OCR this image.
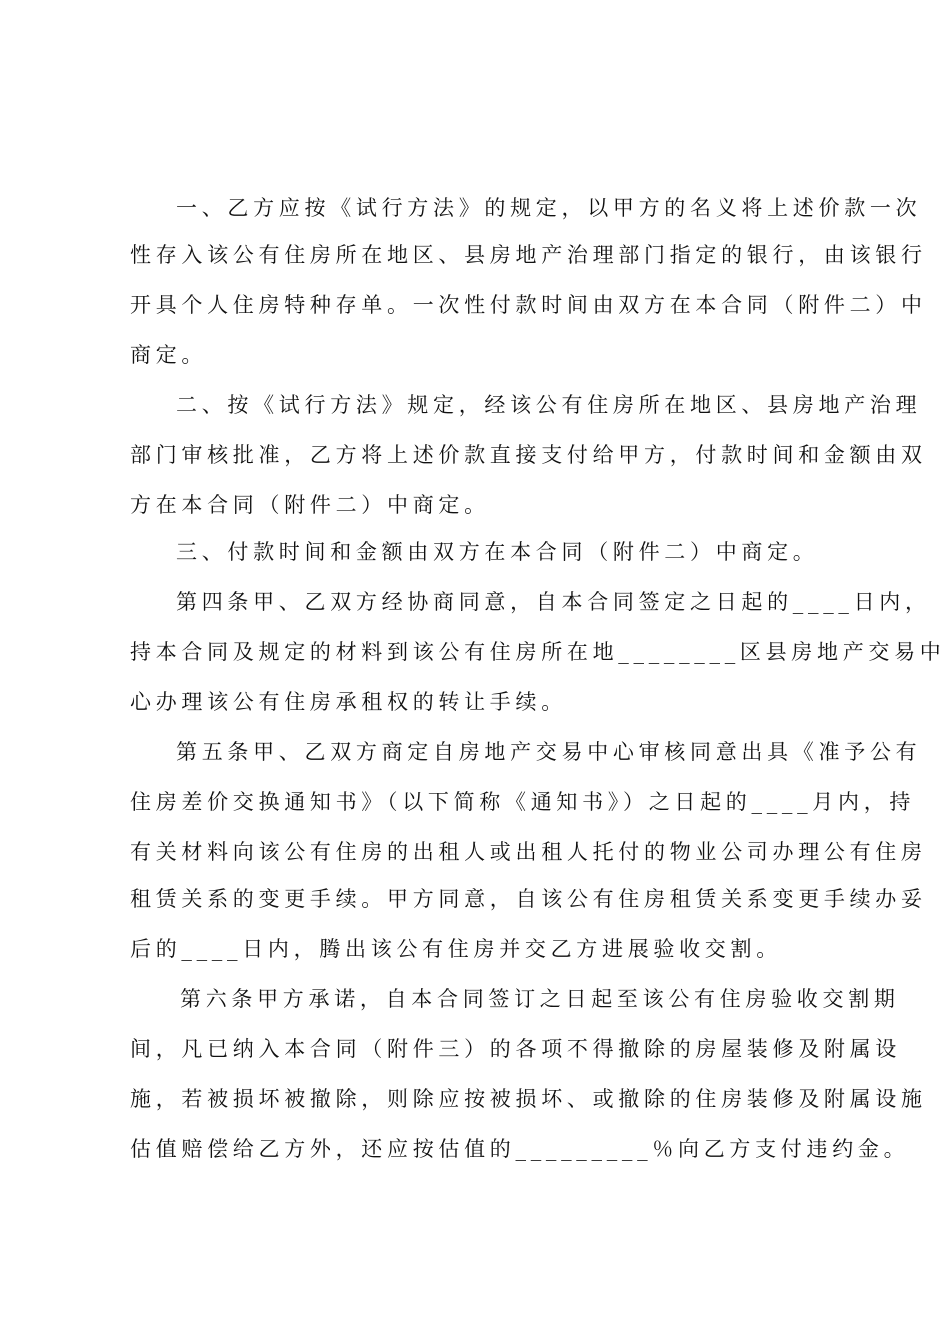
一、乙方应按《试行方法》的规定，以甲方的名义将上述价款一次
性存入该公有住房所在地区、县房地产治理部门指定的银行，由该银行
开具个人住房特种存单。一次性付款时间由双方在本合同（附件二）中
商定。
二、按《试行方法》规定，经该公有住房所在地区、县房地产治理
部门审核批准，乙方将上述价款直接支付给甲方，付款时间和金额由双
方在本合同（附件二）中商定。
三、付款时间和金额由双方在本合同（附件二）中商定。
第四条甲、乙双方经协商同意，自本合同签定之日起的____日内，
持本合同及规定的材料到该公有住房所在地________区县房地产交易中
心办理该公有住房承租权的转让手续。
第五条甲、乙双方商定自房地产交易中心审核同意出具《准予公有
住房差价交换通知书》（以下简称《通知书》）之日起的____月内，持
有关材料向该公有住房的出租人或出租人托付的物业公司办理公有住房
租赁关系的变更手续。甲方同意，自该公有住房租赁关系变更手续办妥
后的____日内，腾出该公有住房并交乙方进展验收交割。
第六条甲方承诺，自本合同签订之日起至该公有住房验收交割期
间，凡已纳入本合同（附件三）的各项不得撤除的房屋装修及附属设
施，若被损坏被撤除，则除应按被损坏、或撤除的住房装修及附属设施
估值赔偿给乙方外，还应按估值的_________％向乙方支付违约金。
